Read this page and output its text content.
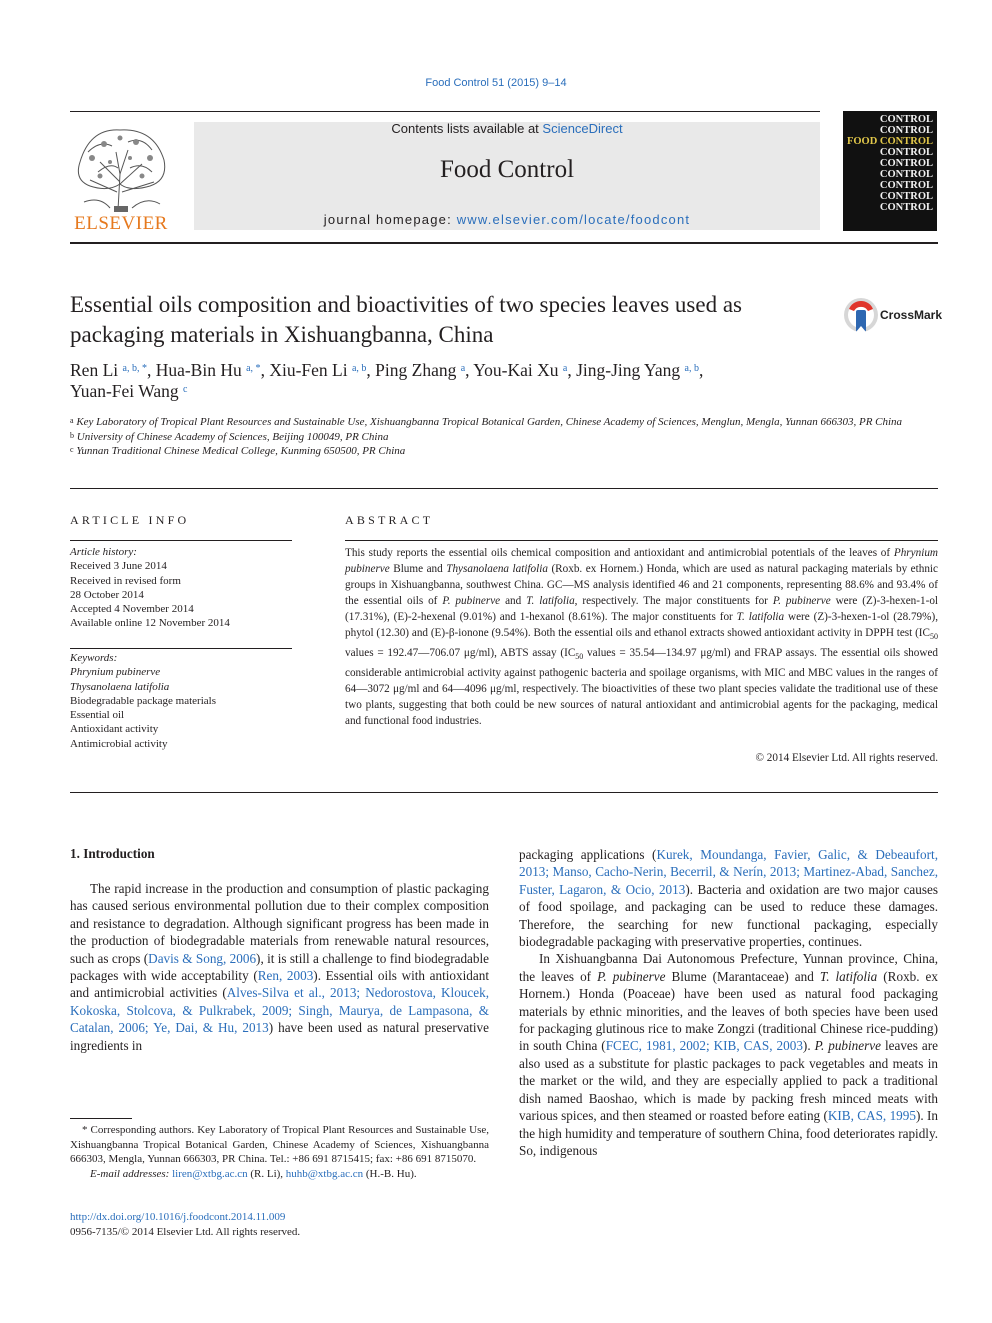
Food Control 51 (2015) 9–14
ELSEVIER
Contents lists available at ScienceDirect
Food Control
journal homepage: www.elsevier.com/locate/foodcont
CONTROL
CONTROL
FOOD CONTROL
CONTROL
CONTROL
CONTROL
CONTROL
CONTROL
CONTROL
Essential oils composition and bioactivities of two species leaves used as packaging materials in Xishuangbanna, China
CrossMark
Ren Li $^{a, b, *}$, Hua-Bin Hu $^{a, *}$, Xiu-Fen Li $^{a, b}$, Ping Zhang $^a$, You-Kai Xu $^a$, Jing-Jing Yang $^{a, b}$,
Yuan-Fei Wang $^c$
$^a$ Key Laboratory of Tropical Plant Resources and Sustainable Use, Xishuangbanna Tropical Botanical Garden, Chinese Academy of Sciences, Menglun, Mengla, Yunnan 666303, PR China
$^b$ University of Chinese Academy of Sciences, Beijing 100049, PR China
$^c$ Yunnan Traditional Chinese Medical College, Kunming 650500, PR China
ARTICLE INFO
Article history:
Received 3 June 2014
Received in revised form
28 October 2014
Accepted 4 November 2014
Available online 12 November 2014
Keywords:
Phrynium pubinerve
Thysanolaena latifolia
Biodegradable package materials
Essential oil
Antioxidant activity
Antimicrobial activity
ABSTRACT
This study reports the essential oils chemical composition and antioxidant and antimicrobial potentials of the leaves of Phrynium pubinerve Blume and Thysanolaena latifolia (Roxb. ex Hornem.) Honda, which are used as natural packaging materials by ethnic groups in Xishuangbanna, southwest China. GC—MS analysis identified 46 and 21 components, representing 88.6% and 93.4% of the essential oils of P. pubinerve and T. latifolia, respectively. The major constituents for P. pubinerve were (Z)-3-hexen-1-ol (17.31%), (E)-2-hexenal (9.01%) and 1-hexanol (8.61%). The major constituents for T. latifolia were (Z)-3-hexen-1-ol (28.79%), phytol (12.30) and (E)-β-ionone (9.54%). Both the essential oils and ethanol extracts showed antioxidant activity in DPPH test ($IC_{50}$ values = 192.47—706.07 μg/ml), ABTS assay ($IC_{50}$ values = 35.54—134.97 μg/ml) and FRAP assays. The essential oils showed considerable antimicrobial activity against pathogenic bacteria and spoilage organisms, with MIC and MBC values in the ranges of 64—3072 μg/ml and 64—4096 μg/ml, respectively. The bioactivities of these two plant species validate the traditional use of these two plants, suggesting that both could be new sources of natural antioxidant and antimicrobial agents for the packaging, medical and functional food industries.
© 2014 Elsevier Ltd. All rights reserved.
1. Introduction
The rapid increase in the production and consumption of plastic packaging has caused serious environmental pollution due to their complex composition and resistance to degradation. Although significant progress has been made in the production of biodegradable materials from renewable natural resources, such as crops (Davis & Song, 2006), it is still a challenge to find biodegradable packages with wide acceptability (Ren, 2003). Essential oils with antioxidant and antimicrobial activities (Alves-Silva et al., 2013; Nedorostova, Kloucek, Kokoska, Stolcova, & Pulkrabek, 2009; Singh, Maurya, de Lampasona, & Catalan, 2006; Ye, Dai, & Hu, 2013) have been used as natural preservative ingredients in

packaging applications (Kurek, Moundanga, Favier, Galic, & Debeaufort, 2013; Manso, Cacho-Nerin, Becerril, & Nerín, 2013; Martinez-Abad, Sanchez, Fuster, Lagaron, & Ocio, 2013). Bacteria and oxidation are two major causes of food spoilage, and packaging can be used to reduce these damages. Therefore, the searching for new functional packaging, especially biodegradable packaging with preservative properties, continues.

In Xishuangbanna Dai Autonomous Prefecture, Yunnan province, China, the leaves of P. pubinerve Blume (Marantaceae) and T. latifolia (Roxb. ex Hornem.) Honda (Poaceae) have been used as natural food packaging materials by ethnic minorities, and the leaves of both species have been used for packaging glutinous rice to make Zongzi (traditional Chinese rice-pudding) in south China (FCEC, 1981, 2002; KIB, CAS, 2003). P. pubinerve leaves are also used as a substitute for plastic packages to pack vegetables and meats in the market or the wild, and they are especially applied to pack a traditional dish named Baoshao, which is made by packing fresh minced meats with various spices, and then steamed or roasted before eating (KIB, CAS, 1995). In the high humidity and temperature of southern China, food deteriorates rapidly. So, indigenous

* Corresponding authors. Key Laboratory of Tropical Plant Resources and Sustainable Use, Xishuangbanna Tropical Botanical Garden, Chinese Academy of Sciences, Xishuangbanna 666303, Mengla, Yunnan 666303, PR China. Tel.: +86 691 8715415; fax: +86 691 8715070.
E-mail addresses: liren@xtbg.ac.cn (R. Li), huhb@xtbg.ac.cn (H.-B. Hu).
http://dx.doi.org/10.1016/j.foodcont.2014.11.009
0956-7135/© 2014 Elsevier Ltd. All rights reserved.
